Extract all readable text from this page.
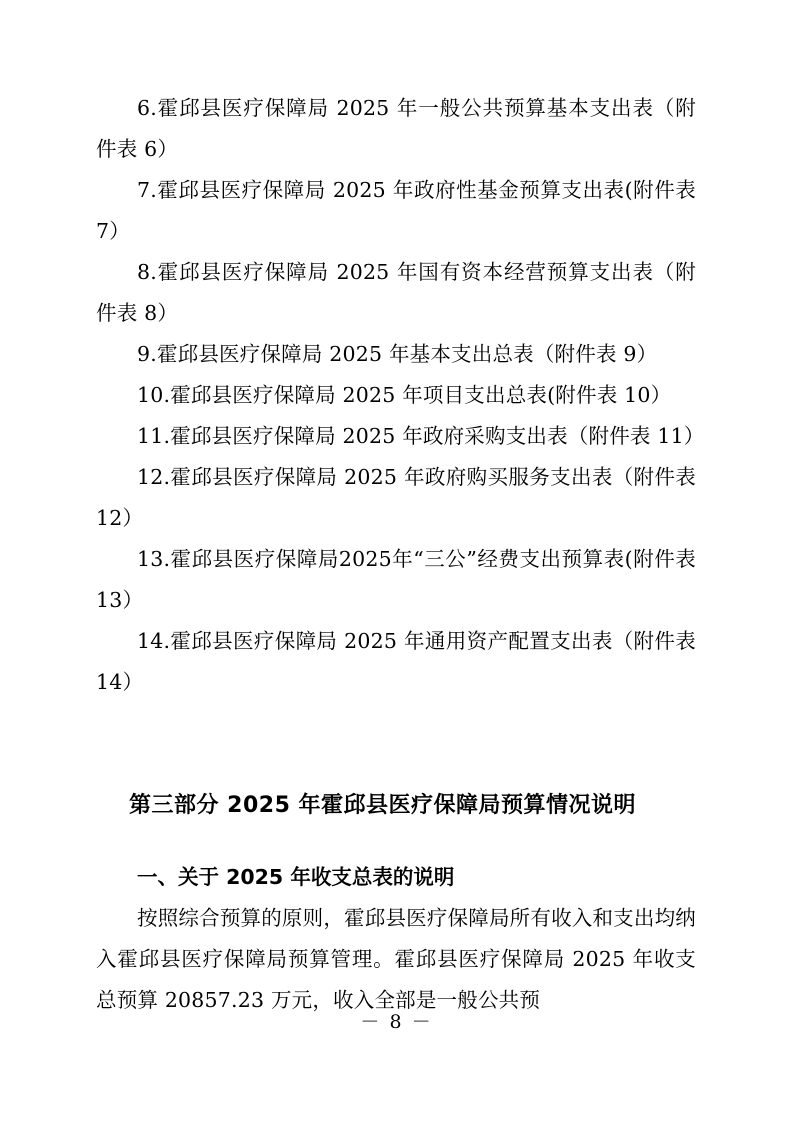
6.霍邱县医疗保障局 2025 年一般公共预算基本支出表（附件表 6）

7.霍邱县医疗保障局 2025 年政府性基金预算支出表(附件表 7）

8.霍邱县医疗保障局 2025 年国有资本经营预算支出表（附件表 8）

9.霍邱县医疗保障局 2025 年基本支出总表（附件表 9）

10.霍邱县医疗保障局 2025 年项目支出总表(附件表 10）

11.霍邱县医疗保障局 2025 年政府采购支出表（附件表 11）

12.霍邱县医疗保障局 2025 年政府购买服务支出表（附件表 12）

13.霍邱县医疗保障局2025年“三公”经费支出预算表(附件表 13）

14.霍邱县医疗保障局 2025 年通用资产配置支出表（附件表 14）

第三部分 2025 年霍邱县医疗保障局预算情况说明
一、关于 2025 年收支总表的说明

按照综合预算的原则，霍邱县医疗保障局所有收入和支出均纳入霍邱县医疗保障局预算管理。霍邱县医疗保障局 2025 年收支总预算 20857.23 万元，收入全部是一般公共预

－ 8 －
